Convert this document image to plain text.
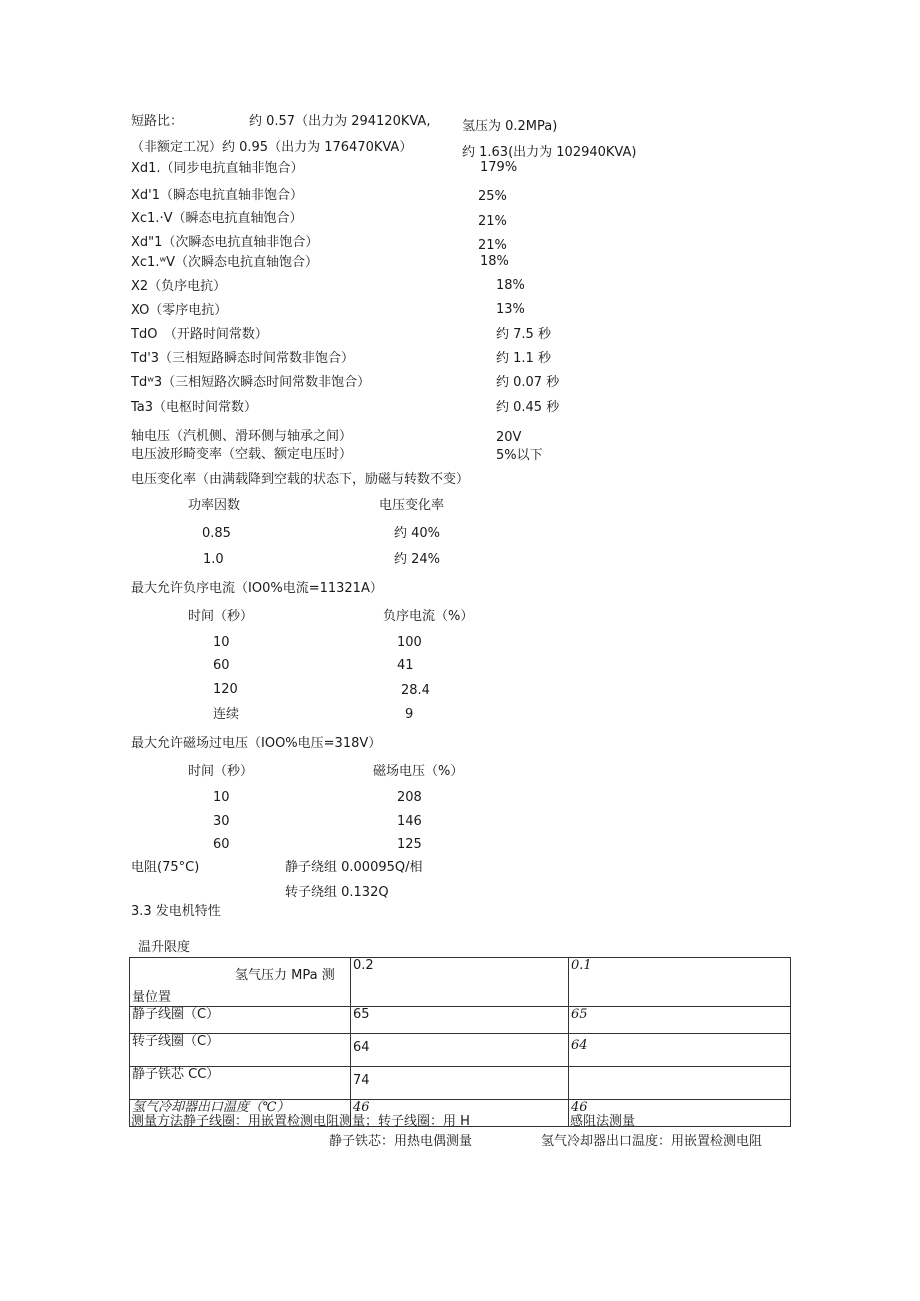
短路比：	约 0.57（出力为 294120KVA, 氢压为 0.2MPa)
（非额定工况）约 0.95（出力为 176470KVA）	约 1.63(出力为 102940KVA)
Xd1.（同步电抗直轴非饱合）	179%
Xd'1（瞬态电抗直轴非饱合）	25%
Xc1.·V（瞬态电抗直轴饱合）	21%
Xd"1（次瞬态电抗直轴非饱合）	21%
Xc1.ʷV（次瞬态电抗直轴饱合）	18%
X2（负序电抗）	18%
XO（零序电抗）	13%
TdO　（开路时间常数）	约 7.5 秒
Td'3（三相短路瞬态时间常数非饱合）	约 1.1 秒
Tdʷ3（三相短路次瞬态时间常数非饱合）	约 0.07 秒
Ta3（电枢时间常数）	约 0.45 秒
轴电压（汽机侧、滑环侧与轴承之间）	20V
电压波形畸变率（空载、额定电压时）	5%以下
电压变化率（由满载降到空载的状态下，励磁与转数不变）
功率因数	电压变化率
0.85	约 40%
1.0	约 24%
最大允许负序电流（IO0%电流=11321A）
时间（秒）	负序电流（%）
10	100
60	41
120	28.4
连续	9
最大允许磁场过电压（IOO%电压=318V）
时间（秒）	磁场电压（%）
10	208
30	146
60	125
电阻(75°C)	静子绕组 0.00095Q/相
转子绕组 0.132Q
3.3 发电机特性
温升限度
氢气压力 MPa 测
量位置	0.2	0.1
静子线圈（C）	65	65
转子线圈（C）	64	64
静子铁芯 CC）	74	
氢气冷却器出口温度（℃）	46	46
测量方法静子线圈：用嵌置检测电阻测量；转子线圈：用 H	感阻法测量
静子铁芯：用热电偶测量	氢气冷却器出口温度：用嵌置检测电阻
